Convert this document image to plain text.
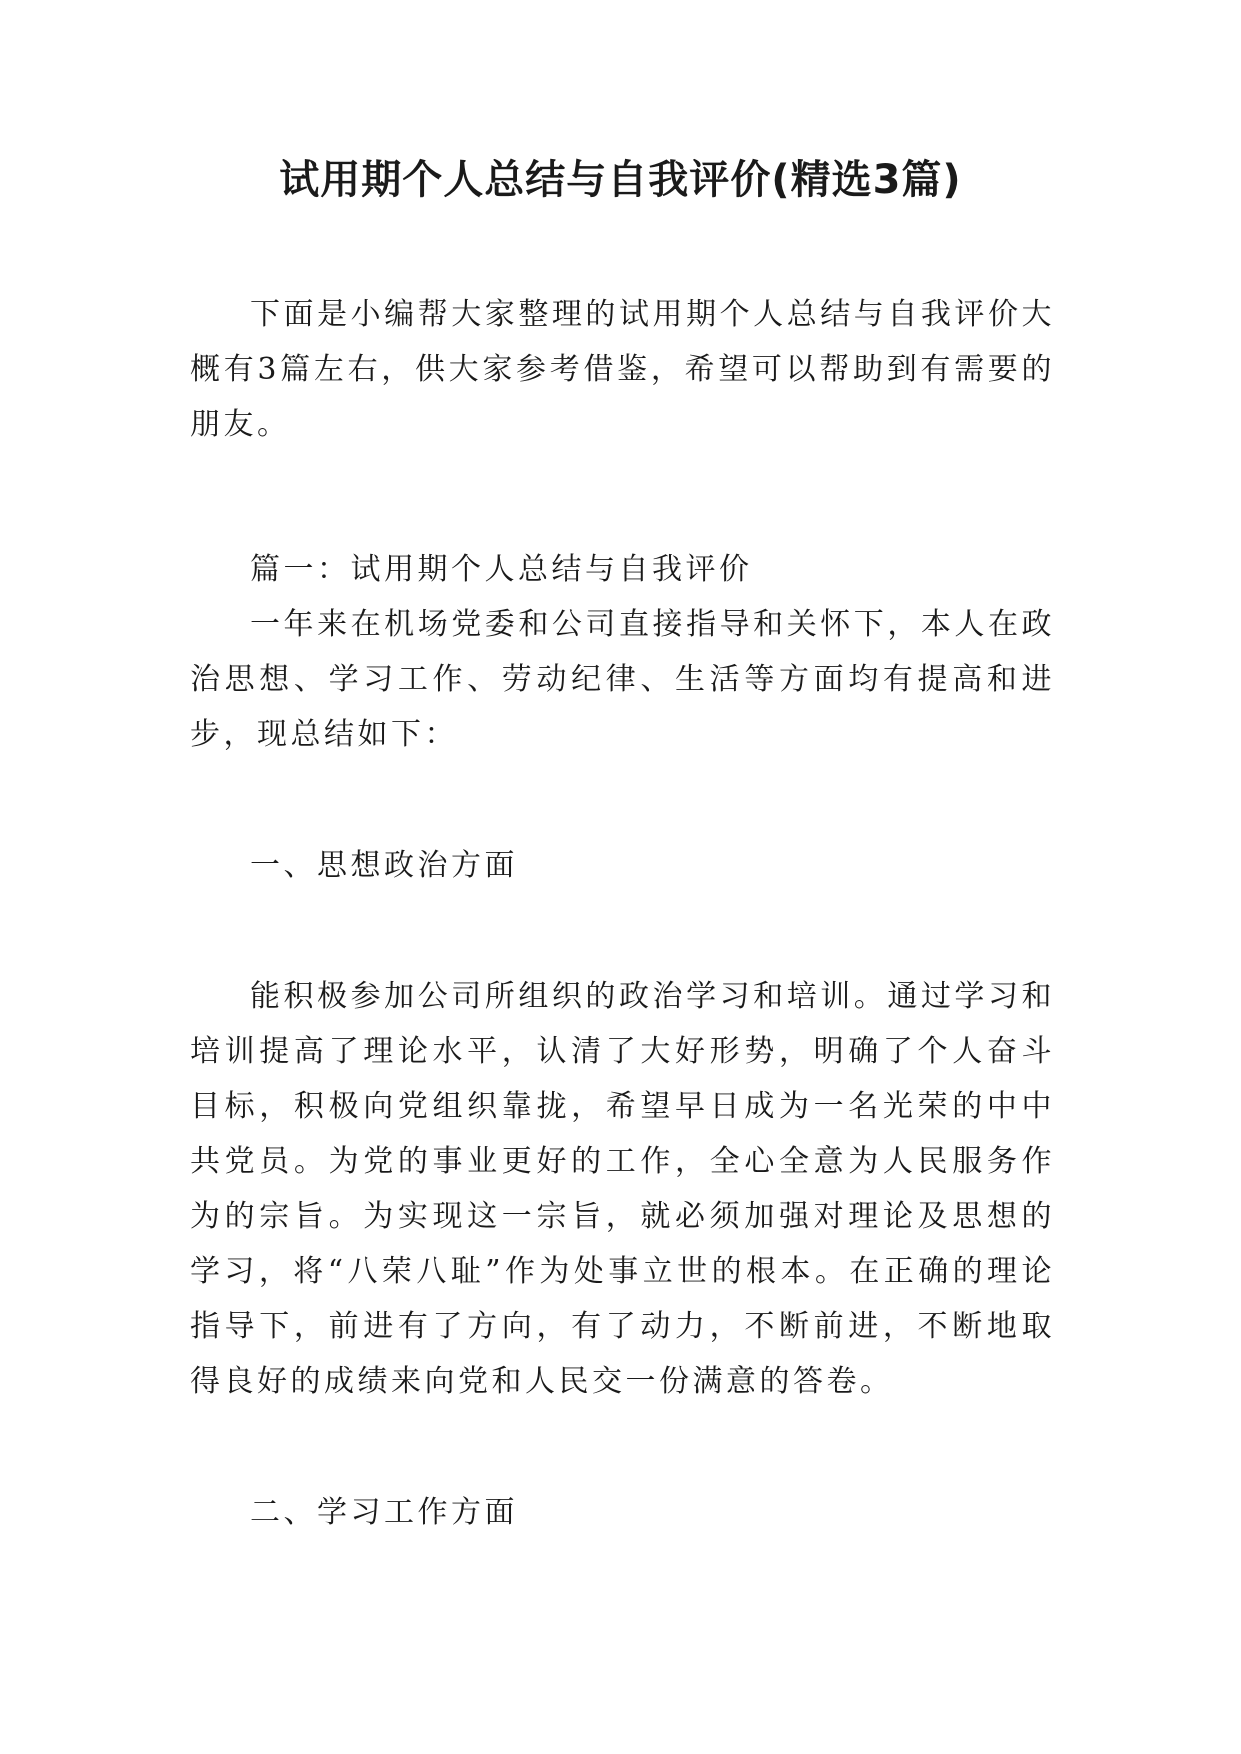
试用期个人总结与自我评价(精选3篇)

下面是小编帮大家整理的试用期个人总结与自我评价大概有3篇左右，供大家参考借鉴，希望可以帮助到有需要的朋友。

篇一：试用期个人总结与自我评价

一年来在机场党委和公司直接指导和关怀下，本人在政治思想、学习工作、劳动纪律、生活等方面均有提高和进步，现总结如下：

一、思想政治方面

能积极参加公司所组织的政治学习和培训。通过学习和培训提高了理论水平，认清了大好形势，明确了个人奋斗目标，积极向党组织靠拢，希望早日成为一名光荣的中中共党员。为党的事业更好的工作，全心全意为人民服务作为的宗旨。为实现这一宗旨，就必须加强对理论及思想的学习，将“八荣八耻”作为处事立世的根本。在正确的理论指导下，前进有了方向，有了动力，不断前进，不断地取得良好的成绩来向党和人民交一份满意的答卷。

二、学习工作方面
